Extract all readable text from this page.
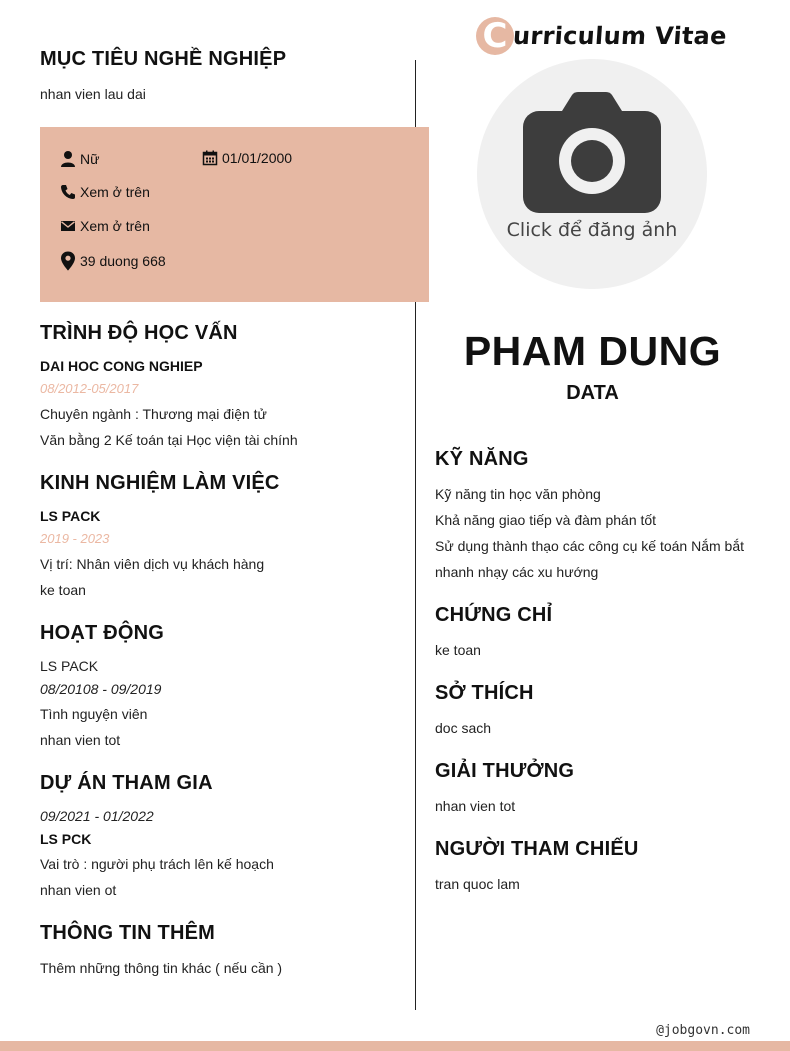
MỤC TIÊU NGHỀ NGHIỆP
nhan vien lau dai
Nữ	01/01/2000
Xem ở trên
Xem ở trên
39 duong 668
TRÌNH ĐỘ HỌC VẤN
DAI HOC CONG NGHIEP
08/2012-05/2017
Chuyên ngành : Thương mại điện tử
Văn bằng 2 Kế toán tại Học viện tài chính
KINH NGHIỆM LÀM VIỆC
LS PACK
2019 - 2023
Vị trí: Nhân viên dịch vụ khách hàng
ke toan
HOẠT ĐỘNG
LS PACK
08/20108 - 09/2019
Tình nguyện viên
nhan vien tot
DỰ ÁN THAM GIA
09/2021 - 01/2022
LS PCK
Vai trò : người phụ trách lên kế hoạch
nhan vien ot
THÔNG TIN THÊM
Thêm những thông tin khác ( nếu cần )
C urriculum Vitae
Click để đăng ảnh
PHAM DUNG
DATA
KỸ NĂNG
Kỹ năng tin học văn phòng
Khả năng giao tiếp và đàm phán tốt
Sử dụng thành thạo các công cụ kế toán Nắm bắt
nhanh nhạy các xu hướng
CHỨNG CHỈ
ke toan
SỞ THÍCH
doc sach
GIẢI THƯỞNG
nhan vien tot
NGƯỜI THAM CHIẾU
tran quoc lam
@jobgovn.com
